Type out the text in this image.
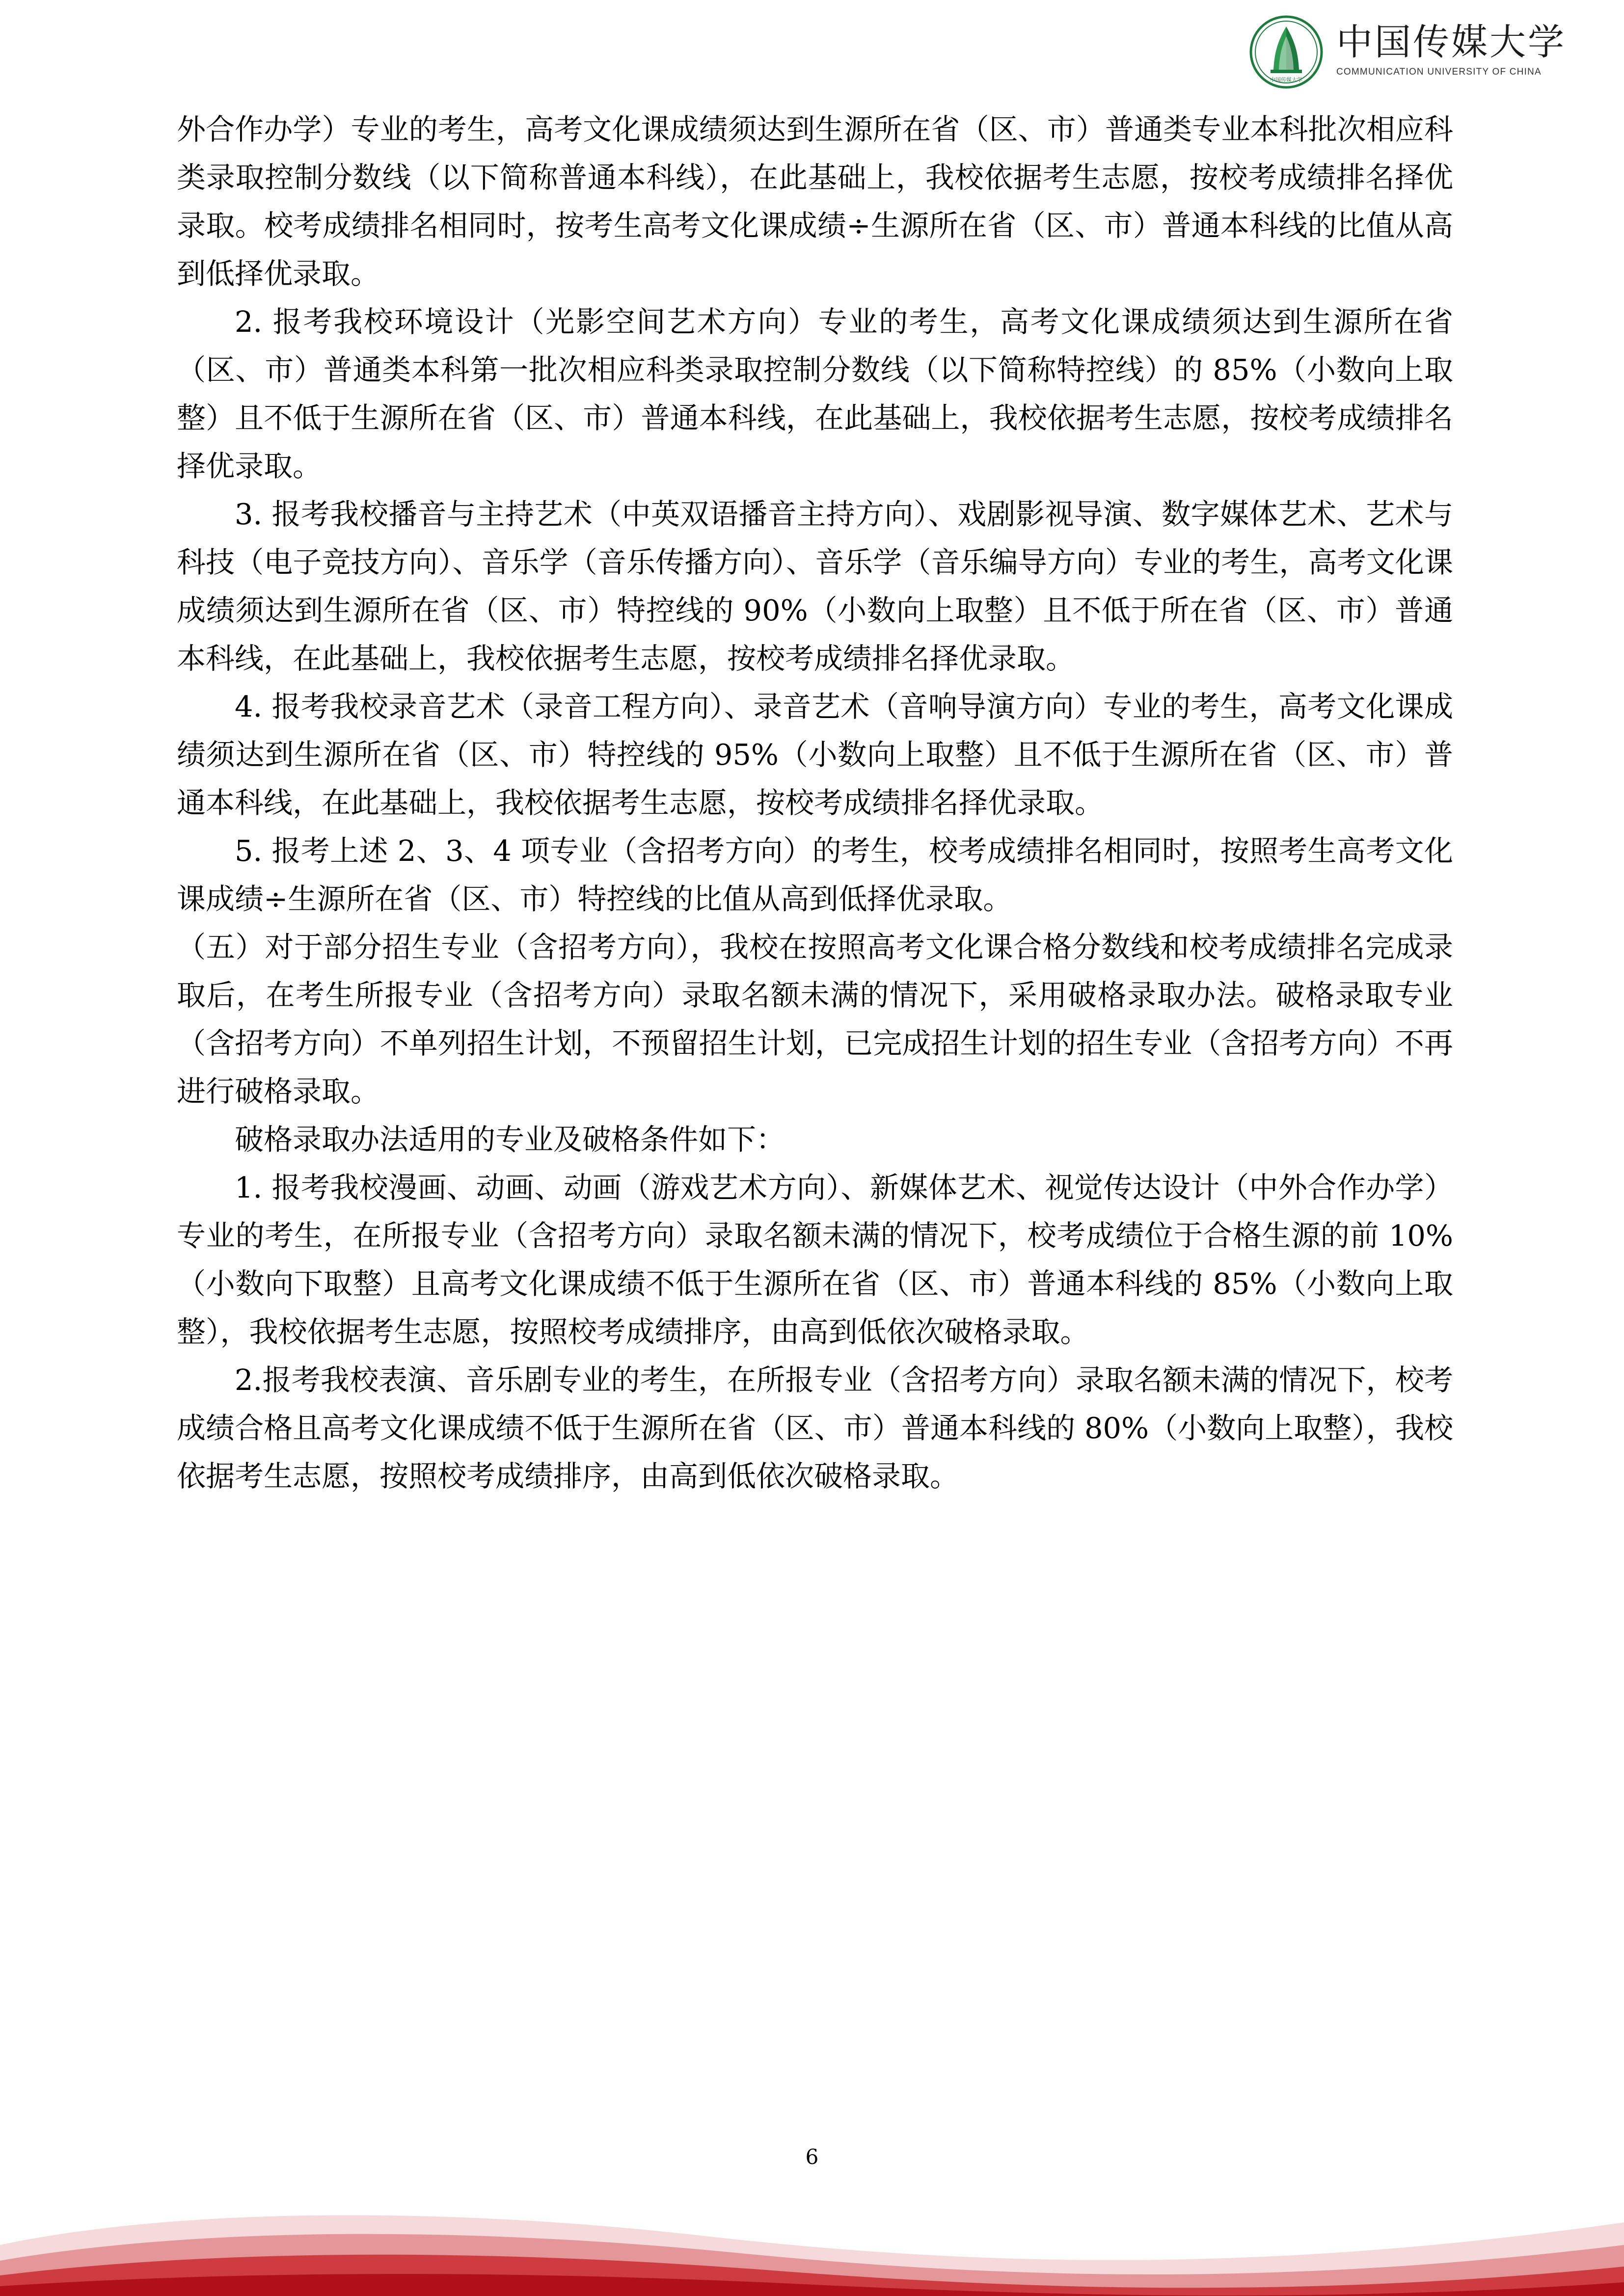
中国传媒大学
中国传媒大学
COMMUNICATION UNIVERSITY OF CHINA

外合作办学）专业的考生，高考文化课成绩须达到生源所在省（区、市）普通类专业本科批次相应科类录取控制分数线（以下简称普通本科线），在此基础上，我校依据考生志愿，按校考成绩排名择优录取。校考成绩排名相同时，按考生高考文化课成绩÷生源所在省（区、市）普通本科线的比值从高到低择优录取。

2. 报考我校环境设计（光影空间艺术方向）专业的考生，高考文化课成绩须达到生源所在省（区、市）普通类本科第一批次相应科类录取控制分数线（以下简称特控线）的 85%（小数向上取整）且不低于生源所在省（区、市）普通本科线，在此基础上，我校依据考生志愿，按校考成绩排名择优录取。

3. 报考我校播音与主持艺术（中英双语播音主持方向）、戏剧影视导演、数字媒体艺术、艺术与科技（电子竞技方向）、音乐学（音乐传播方向）、音乐学（音乐编导方向）专业的考生，高考文化课成绩须达到生源所在省（区、市）特控线的 90%（小数向上取整）且不低于所在省（区、市）普通本科线，在此基础上，我校依据考生志愿，按校考成绩排名择优录取。

4. 报考我校录音艺术（录音工程方向）、录音艺术（音响导演方向）专业的考生，高考文化课成绩须达到生源所在省（区、市）特控线的 95%（小数向上取整）且不低于生源所在省（区、市）普通本科线，在此基础上，我校依据考生志愿，按校考成绩排名择优录取。

5. 报考上述 2、3、4 项专业（含招考方向）的考生，校考成绩排名相同时，按照考生高考文化课成绩÷生源所在省（区、市）特控线的比值从高到低择优录取。

（五）对于部分招生专业（含招考方向），我校在按照高考文化课合格分数线和校考成绩排名完成录取后，在考生所报专业（含招考方向）录取名额未满的情况下，采用破格录取办法。破格录取专业（含招考方向）不单列招生计划，不预留招生计划，已完成招生计划的招生专业（含招考方向）不再进行破格录取。

破格录取办法适用的专业及破格条件如下：

1. 报考我校漫画、动画、动画（游戏艺术方向）、新媒体艺术、视觉传达设计（中外合作办学）专业的考生，在所报专业（含招考方向）录取名额未满的情况下，校考成绩位于合格生源的前 10%（小数向下取整）且高考文化课成绩不低于生源所在省（区、市）普通本科线的 85%（小数向上取整），我校依据考生志愿，按照校考成绩排序，由高到低依次破格录取。

2.报考我校表演、音乐剧专业的考生，在所报专业（含招考方向）录取名额未满的情况下，校考成绩合格且高考文化课成绩不低于生源所在省（区、市）普通本科线的 80%（小数向上取整），我校依据考生志愿，按照校考成绩排序，由高到低依次破格录取。

6
